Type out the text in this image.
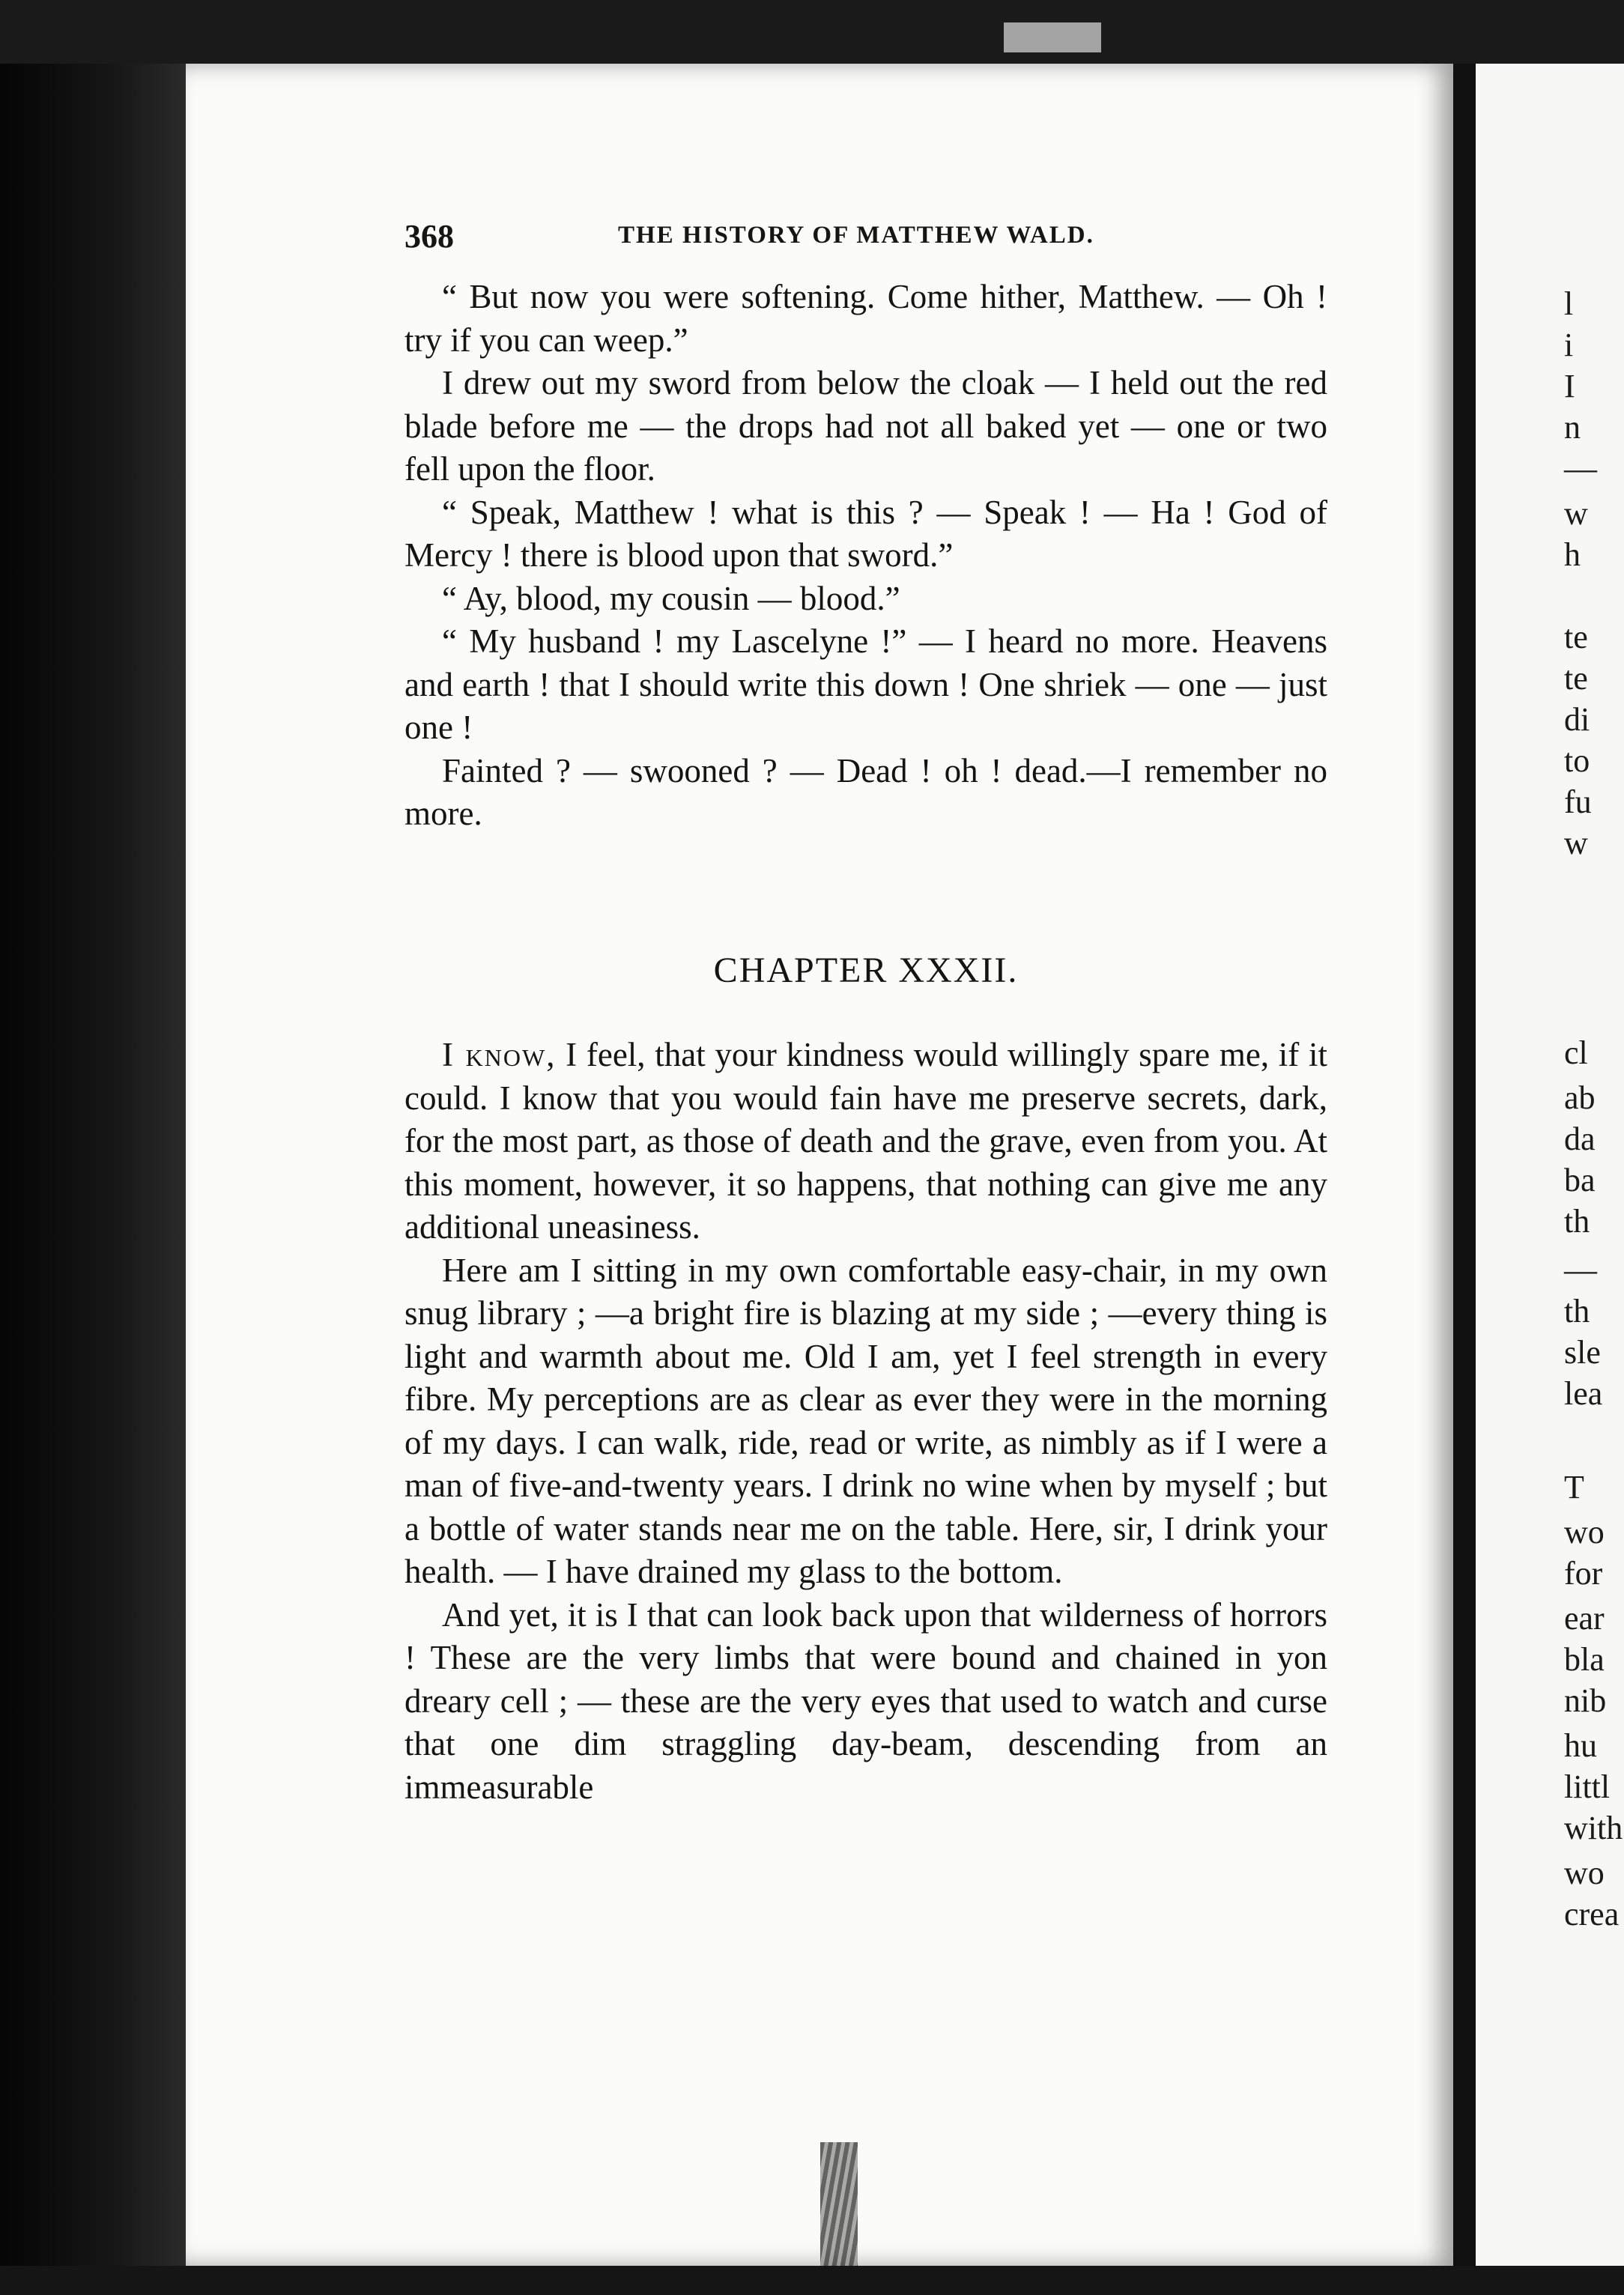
l

i

I

n

—

w

h

te

te

di

to

fu

w

cl

ab

da

ba

th

—

th

sle

lea

T

wo

for

ear

bla

nib

hu

littl

with

wo

crea

368	THE HISTORY OF MATTHEW WALD.

“ But now you were softening. Come hither, Matthew. — Oh ! try if you can weep.”

I drew out my sword from below the cloak — I held out the red blade before me — the drops had not all baked yet — one or two fell upon the floor.

“ Speak, Matthew ! what is this ? — Speak ! — Ha ! God of Mercy ! there is blood upon that sword.”

“ Ay, blood, my cousin — blood.”

“ My husband ! my Lascelyne !” — I heard no more. Heavens and earth ! that I should write this down ! One shriek — one — just one !

Fainted ? — swooned ? — Dead ! oh ! dead.—I remember no more.

CHAPTER XXXII.

I know, I feel, that your kindness would willingly spare me, if it could. I know that you would fain have me preserve secrets, dark, for the most part, as those of death and the grave, even from you. At this moment, however, it so happens, that nothing can give me any additional uneasiness.

Here am I sitting in my own comfortable easy-chair, in my own snug library ; —a bright fire is blazing at my side ; —every thing is light and warmth about me. Old I am, yet I feel strength in every fibre. My perceptions are as clear as ever they were in the morning of my days. I can walk, ride, read or write, as nimbly as if I were a man of five-and-twenty years. I drink no wine when by myself ; but a bottle of water stands near me on the table. Here, sir, I drink your health. — I have drained my glass to the bottom.

And yet, it is I that can look back upon that wilderness of horrors ! These are the very limbs that were bound and chained in yon dreary cell ; — these are the very eyes that used to watch and curse that one dim straggling day-beam, descending from an immeasurable
